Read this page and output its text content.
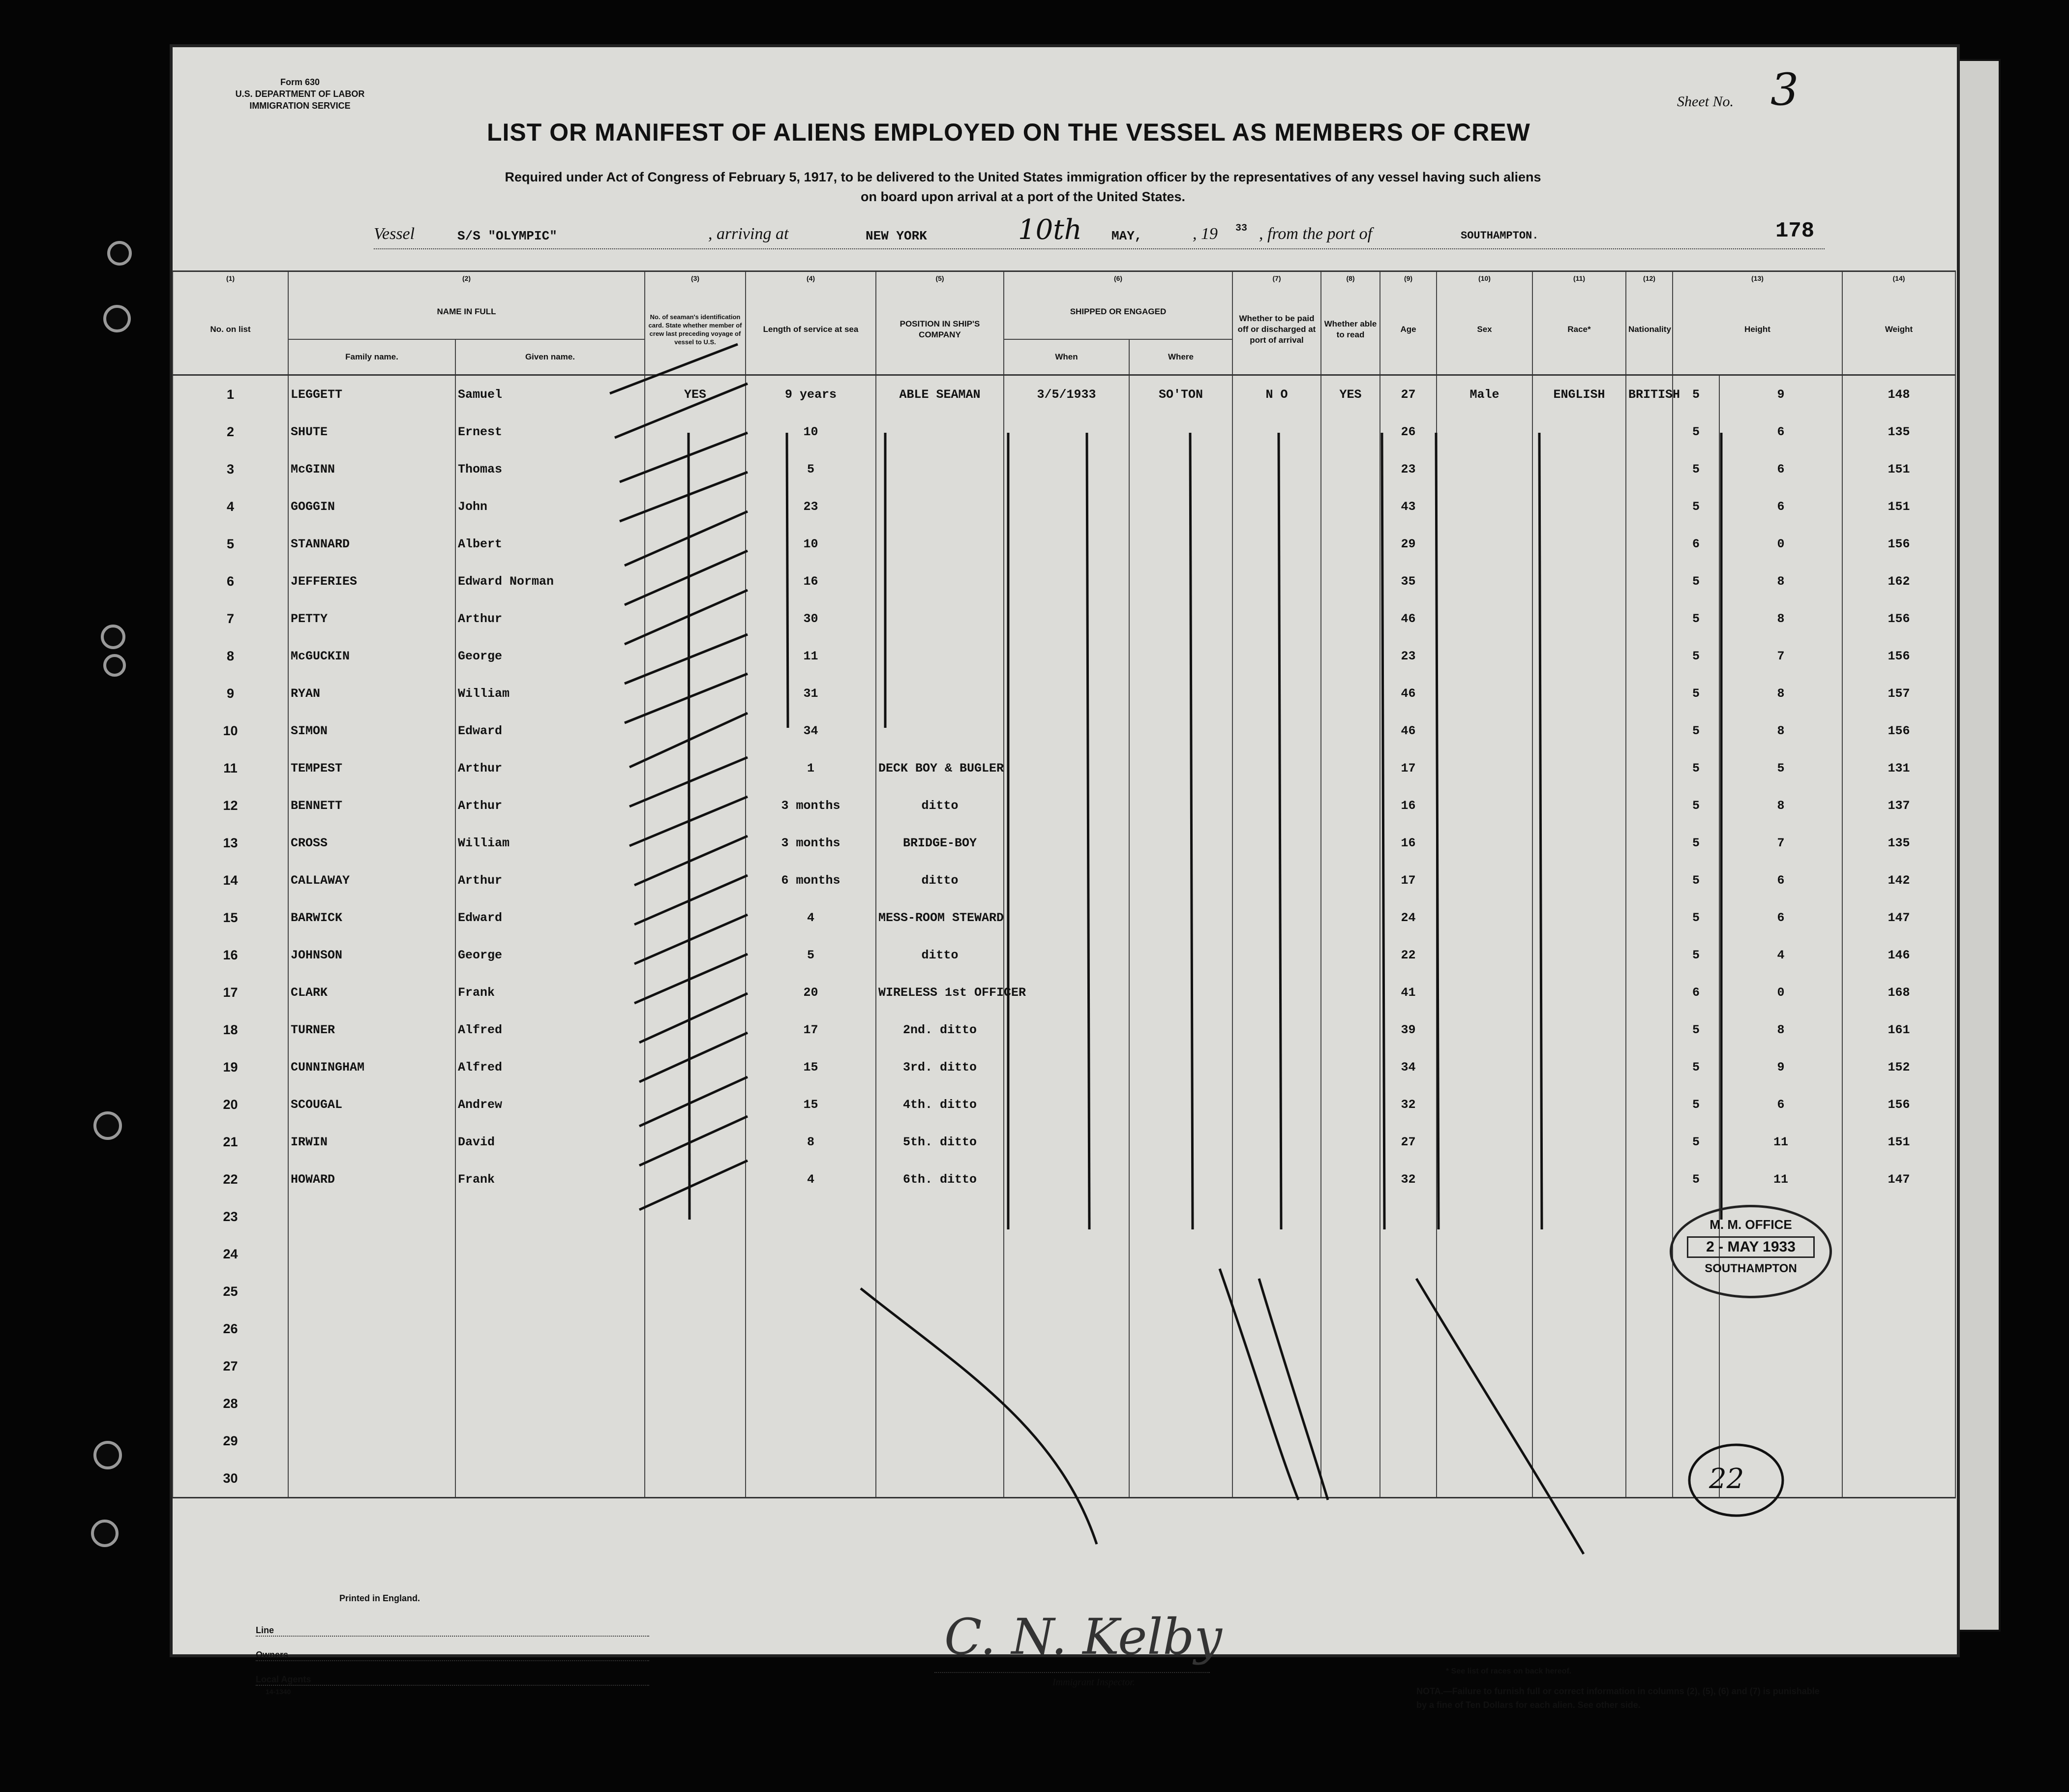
Form 630
U.S. DEPARTMENT OF LABOR
IMMIGRATION SERVICE	Sheet No. 3
LIST OR MANIFEST OF ALIENS EMPLOYED ON THE VESSEL AS MEMBERS OF CREW
Required under Act of Congress of February 5, 1917, to be delivered to the United States immigration officer by the representatives of any vessel having such aliens
on board upon arrival at a port of the United States.
Vessel	S/S "OLYMPIC"	, arriving at	NEW YORK	10th MAY,	, 19 33 , from the port of	SOUTHAMPTON.	178
(1)	(2)		(3)	(4)	(5)	(6)		(7)	(8)	(9)	(10)	(11)	(12)	(13)		(14)		
No. on list	NAME IN FULL		No. of seaman's identification card. State whether member of crew last preceding voyage of vessel to U.S.	Length of service at sea	POSITION IN SHIP'S COMPANY	SHIPPED OR ENGAGED		Whether to be paid off or discharged at port of arrival	Whether able to read	Age	Sex	Race*	Nationality	Height		Weight		
	Family name.	Given name.				When	Where										
1	LEGGETT	Samuel	YES	9 years	ABLE SEAMAN	3/5/1933	SO'TON	N O	YES	27	Male	ENGLISH	BRITISH	5	9	148		
2	SHUTE	Ernest		10						26				5	6	135		
3	McGINN	Thomas		5						23				5	6	151		
4	GOGGIN	John		23						43				5	6	151		
5	STANNARD	Albert		10						29				6	0	156		
6	JEFFERIES	Edward Norman		16						35				5	8	162		
7	PETTY	Arthur		30						46				5	8	156		
8	McGUCKIN	George		11						23				5	7	156		
9	RYAN	William		31						46				5	8	157		
10	SIMON	Edward		34						46				5	8	156		
11	TEMPEST	Arthur		1	DECK BOY & BUGLER					17				5	5	131		
12	BENNETT	Arthur		3 months	ditto					16				5	8	137		
13	CROSS	William		3 months	BRIDGE-BOY					16				5	7	135		
14	CALLAWAY	Arthur		6 months	ditto					17				5	6	142		
15	BARWICK	Edward		4	MESS-ROOM STEWARD					24				5	6	147		
16	JOHNSON	George		5	ditto					22				5	4	146		
17	CLARK	Frank		20	WIRELESS 1st OFFICER					41				6	0	168		
18	TURNER	Alfred		17	2nd. ditto					39				5	8	161		
19	CUNNINGHAM	Alfred		15	3rd. ditto					34				5	9	152		
20	SCOUGAL	Andrew		15	4th. ditto					32				5	6	156		
21	IRWIN	David		8	5th. ditto					27				5	11	151		
22	HOWARD	Frank		4	6th. ditto					32				5	11	147		
23																		
24																		
25																		
26																		
27																		
28																		
29																		
30																			22
M. M. OFFICE
2 - MAY 1933
SOUTHAMPTON
Printed in England.
Line
Owners
Local Agents
14-1340
C. N. Kelby
Immigrant Inspector.
* See list of races on back hereof.
NOTA.—Failure to furnish full or correct information in columns (2), (5), (6) and (7) is punishable by a fine of Ten Dollars for each alien. See other side.
